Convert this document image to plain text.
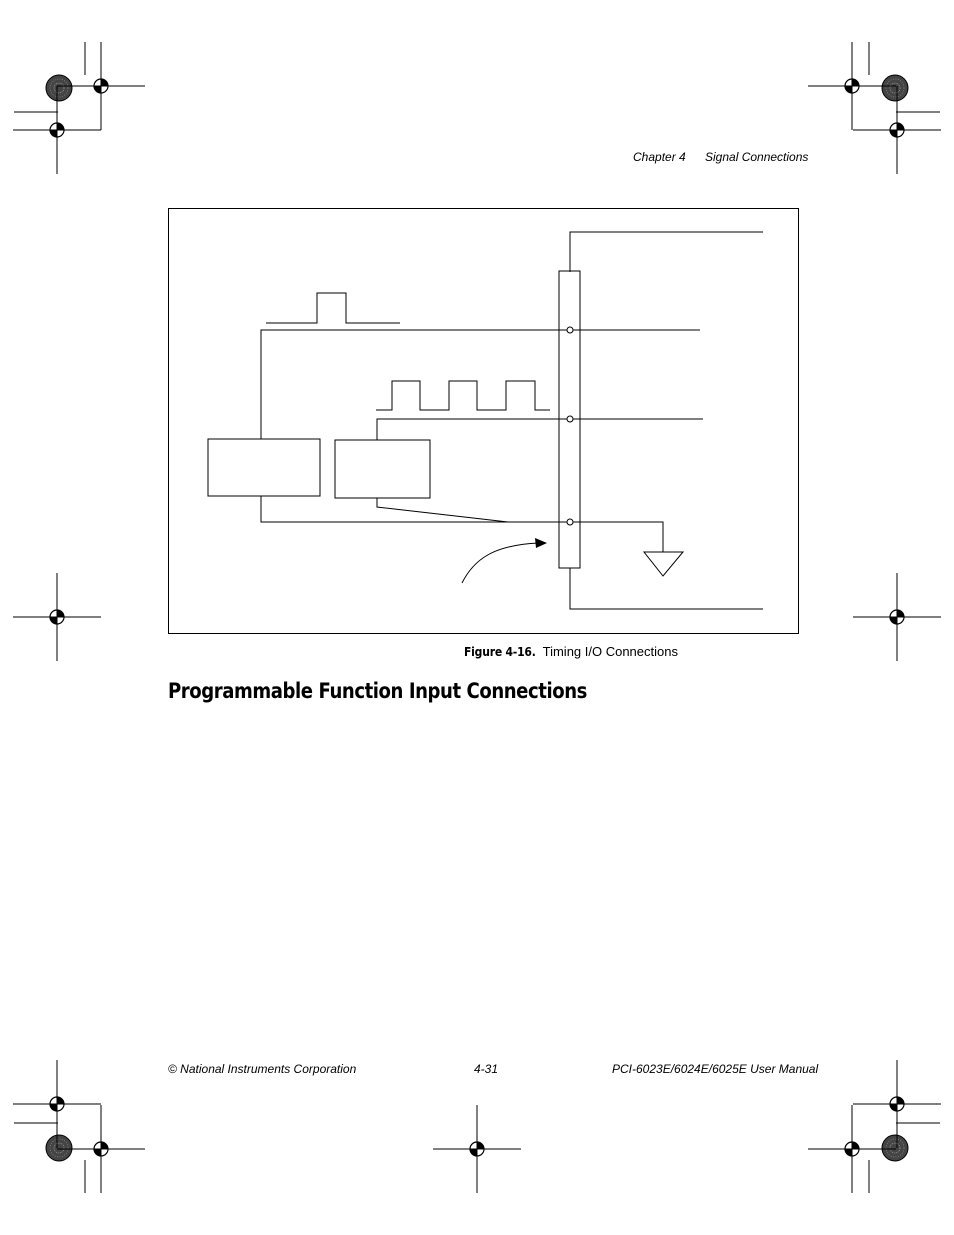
Chapter 4 Signal Connections
Figure 4-16. Timing I/O Connections
Programmable Function Input Connections
© National Instruments Corporation	4-31	PCI-6023E/6024E/6025E User Manual
